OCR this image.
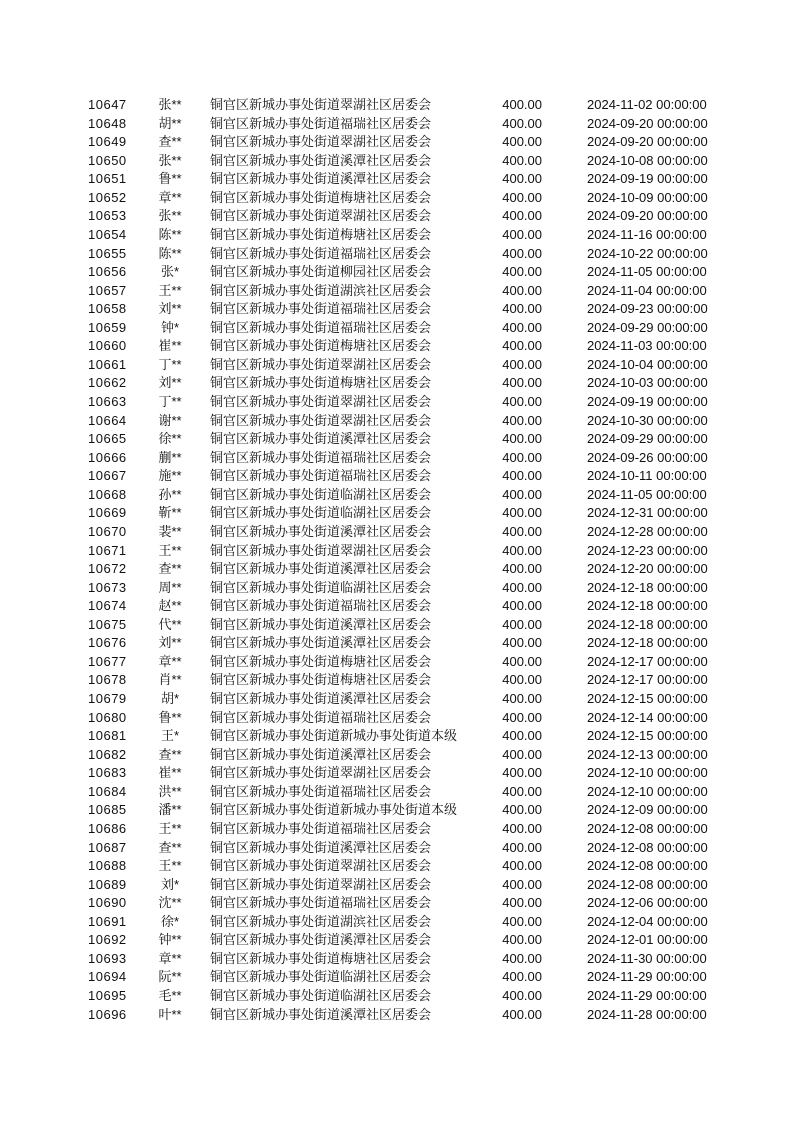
10647	张**	铜官区新城办事处街道翠湖社区居委会	400.00	2024-11-02 00:00:00
10648	胡**	铜官区新城办事处街道福瑞社区居委会	400.00	2024-09-20 00:00:00
10649	查**	铜官区新城办事处街道翠湖社区居委会	400.00	2024-09-20 00:00:00
10650	张**	铜官区新城办事处街道溪潭社区居委会	400.00	2024-10-08 00:00:00
10651	鲁**	铜官区新城办事处街道溪潭社区居委会	400.00	2024-09-19 00:00:00
10652	章**	铜官区新城办事处街道梅塘社区居委会	400.00	2024-10-09 00:00:00
10653	张**	铜官区新城办事处街道翠湖社区居委会	400.00	2024-09-20 00:00:00
10654	陈**	铜官区新城办事处街道梅塘社区居委会	400.00	2024-11-16 00:00:00
10655	陈**	铜官区新城办事处街道福瑞社区居委会	400.00	2024-10-22 00:00:00
10656	张*	铜官区新城办事处街道柳园社区居委会	400.00	2024-11-05 00:00:00
10657	王**	铜官区新城办事处街道湖滨社区居委会	400.00	2024-11-04 00:00:00
10658	刘**	铜官区新城办事处街道福瑞社区居委会	400.00	2024-09-23 00:00:00
10659	钟*	铜官区新城办事处街道福瑞社区居委会	400.00	2024-09-29 00:00:00
10660	崔**	铜官区新城办事处街道梅塘社区居委会	400.00	2024-11-03 00:00:00
10661	丁**	铜官区新城办事处街道翠湖社区居委会	400.00	2024-10-04 00:00:00
10662	刘**	铜官区新城办事处街道梅塘社区居委会	400.00	2024-10-03 00:00:00
10663	丁**	铜官区新城办事处街道翠湖社区居委会	400.00	2024-09-19 00:00:00
10664	谢**	铜官区新城办事处街道翠湖社区居委会	400.00	2024-10-30 00:00:00
10665	徐**	铜官区新城办事处街道溪潭社区居委会	400.00	2024-09-29 00:00:00
10666	蒯**	铜官区新城办事处街道福瑞社区居委会	400.00	2024-09-26 00:00:00
10667	施**	铜官区新城办事处街道福瑞社区居委会	400.00	2024-10-11 00:00:00
10668	孙**	铜官区新城办事处街道临湖社区居委会	400.00	2024-11-05 00:00:00
10669	靳**	铜官区新城办事处街道临湖社区居委会	400.00	2024-12-31 00:00:00
10670	裴**	铜官区新城办事处街道溪潭社区居委会	400.00	2024-12-28 00:00:00
10671	王**	铜官区新城办事处街道翠湖社区居委会	400.00	2024-12-23 00:00:00
10672	查**	铜官区新城办事处街道溪潭社区居委会	400.00	2024-12-20 00:00:00
10673	周**	铜官区新城办事处街道临湖社区居委会	400.00	2024-12-18 00:00:00
10674	赵**	铜官区新城办事处街道福瑞社区居委会	400.00	2024-12-18 00:00:00
10675	代**	铜官区新城办事处街道溪潭社区居委会	400.00	2024-12-18 00:00:00
10676	刘**	铜官区新城办事处街道溪潭社区居委会	400.00	2024-12-18 00:00:00
10677	章**	铜官区新城办事处街道梅塘社区居委会	400.00	2024-12-17 00:00:00
10678	肖**	铜官区新城办事处街道梅塘社区居委会	400.00	2024-12-17 00:00:00
10679	胡*	铜官区新城办事处街道溪潭社区居委会	400.00	2024-12-15 00:00:00
10680	鲁**	铜官区新城办事处街道福瑞社区居委会	400.00	2024-12-14 00:00:00
10681	王*	铜官区新城办事处街道新城办事处街道本级	400.00	2024-12-15 00:00:00
10682	查**	铜官区新城办事处街道溪潭社区居委会	400.00	2024-12-13 00:00:00
10683	崔**	铜官区新城办事处街道翠湖社区居委会	400.00	2024-12-10 00:00:00
10684	洪**	铜官区新城办事处街道福瑞社区居委会	400.00	2024-12-10 00:00:00
10685	潘**	铜官区新城办事处街道新城办事处街道本级	400.00	2024-12-09 00:00:00
10686	王**	铜官区新城办事处街道福瑞社区居委会	400.00	2024-12-08 00:00:00
10687	查**	铜官区新城办事处街道溪潭社区居委会	400.00	2024-12-08 00:00:00
10688	王**	铜官区新城办事处街道翠湖社区居委会	400.00	2024-12-08 00:00:00
10689	刘*	铜官区新城办事处街道翠湖社区居委会	400.00	2024-12-08 00:00:00
10690	沈**	铜官区新城办事处街道福瑞社区居委会	400.00	2024-12-06 00:00:00
10691	徐*	铜官区新城办事处街道湖滨社区居委会	400.00	2024-12-04 00:00:00
10692	钟**	铜官区新城办事处街道溪潭社区居委会	400.00	2024-12-01 00:00:00
10693	章**	铜官区新城办事处街道梅塘社区居委会	400.00	2024-11-30 00:00:00
10694	阮**	铜官区新城办事处街道临湖社区居委会	400.00	2024-11-29 00:00:00
10695	毛**	铜官区新城办事处街道临湖社区居委会	400.00	2024-11-29 00:00:00
10696	叶**	铜官区新城办事处街道溪潭社区居委会	400.00	2024-11-28 00:00:00
